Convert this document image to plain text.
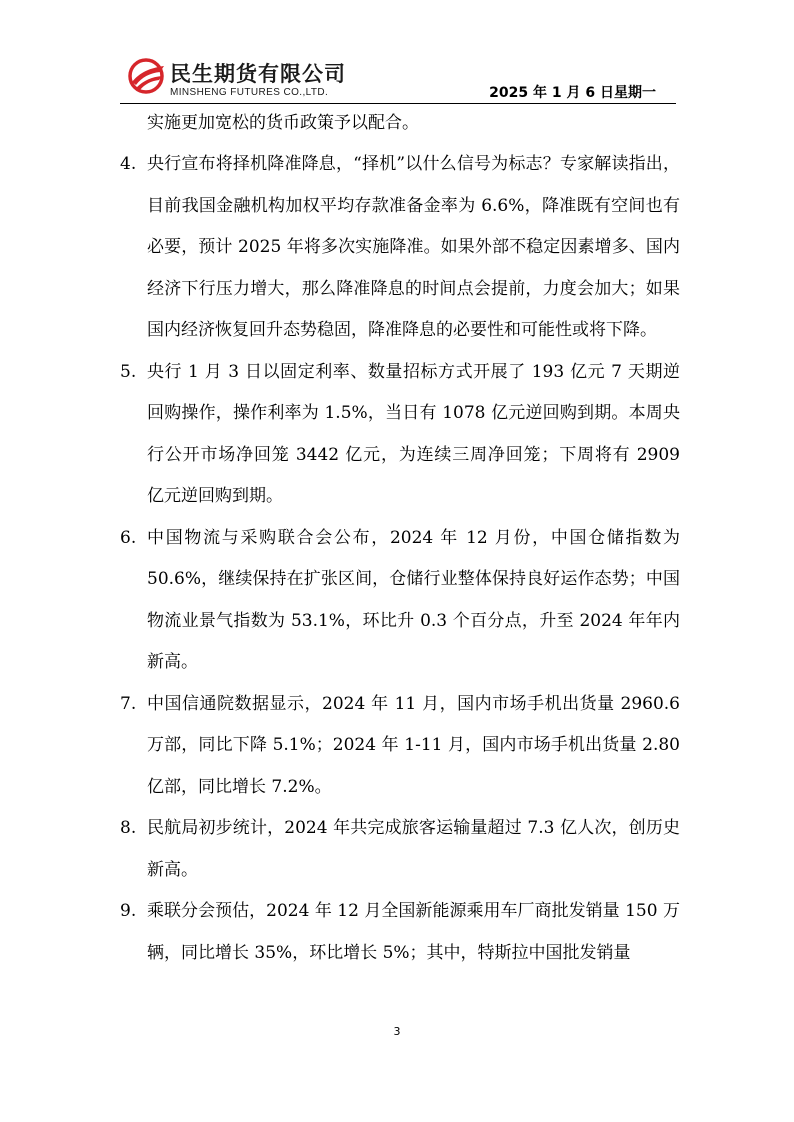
民生期货有限公司
MINSHENG FUTURES CO.,LTD.	2025 年 1 月 6 日星期一

实施更加宽松的货币政策予以配合。

4. 央行宣布将择机降准降息，“择机”以什么信号为标志？专家解读指出，目前我国金融机构加权平均存款准备金率为 6.6%，降准既有空间也有必要，预计 2025 年将多次实施降准。如果外部不稳定因素增多、国内经济下行压力增大，那么降准降息的时间点会提前，力度会加大；如果国内经济恢复回升态势稳固，降准降息的必要性和可能性或将下降。

5. 央行 1 月 3 日以固定利率、数量招标方式开展了 193 亿元 7 天期逆回购操作，操作利率为 1.5%，当日有 1078 亿元逆回购到期。本周央行公开市场净回笼 3442 亿元，为连续三周净回笼；下周将有 2909 亿元逆回购到期。

6. 中国物流与采购联合会公布，2024 年 12 月份，中国仓储指数为 50.6%，继续保持在扩张区间，仓储行业整体保持良好运作态势；中国物流业景气指数为 53.1%，环比升 0.3 个百分点，升至 2024 年年内新高。

7. 中国信通院数据显示，2024 年 11 月，国内市场手机出货量 2960.6 万部，同比下降 5.1%；2024 年 1-11 月，国内市场手机出货量 2.80 亿部，同比增长 7.2%。

8. 民航局初步统计，2024 年共完成旅客运输量超过 7.3 亿人次，创历史新高。

9. 乘联分会预估，2024 年 12 月全国新能源乘用车厂商批发销量 150 万辆，同比增长 35%，环比增长 5%；其中，特斯拉中国批发销量

3
